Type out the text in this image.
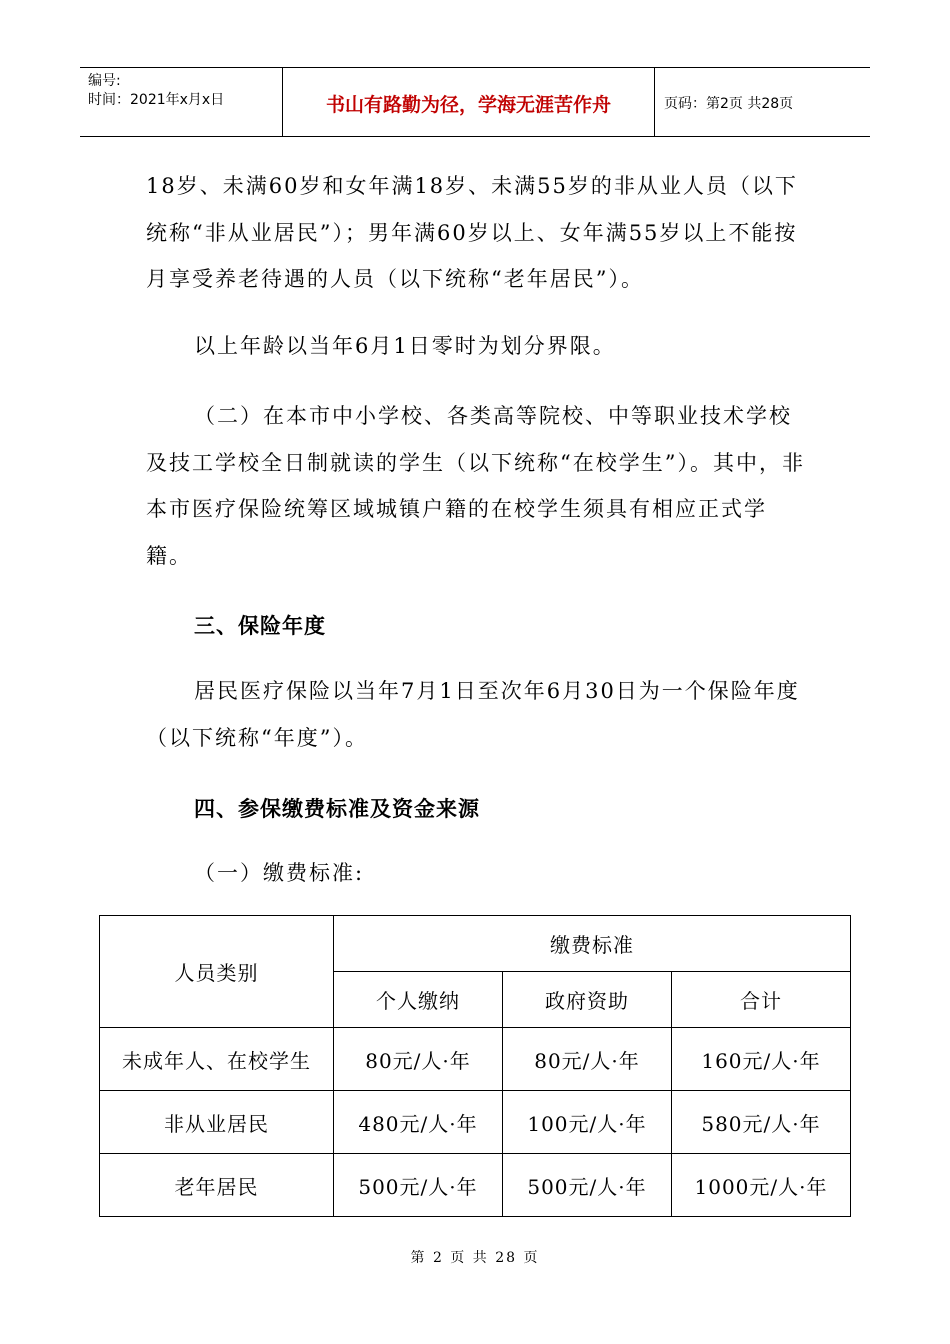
编号:
时间：2021年x月x日	书山有路勤为径，学海无涯苦作舟	页码：第2页 共28页
18岁、未满60岁和女年满18岁、未满55岁的非从业人员（以下统称“非从业居民”）；男年满60岁以上、女年满55岁以上不能按月享受养老待遇的人员（以下统称“老年居民”）。
以上年龄以当年6月1日零时为划分界限。
（二）在本市中小学校、各类高等院校、中等职业技术学校及技工学校全日制就读的学生（以下统称“在校学生”）。其中，非本市医疗保险统筹区域城镇户籍的在校学生须具有相应正式学籍。
三、保险年度
居民医疗保险以当年7月1日至次年6月30日为一个保险年度（以下统称“年度”）。
四、参保缴费标准及资金来源
（一）缴费标准:
人员类别	缴费标准		
	个人缴纳	政府资助	合计
未成年人、在校学生	80元/人·年	80元/人·年	160元/人·年
非从业居民	480元/人·年	100元/人·年	580元/人·年
老年居民	500元/人·年	500元/人·年	1000元/人·年
第 2 页 共 28 页
